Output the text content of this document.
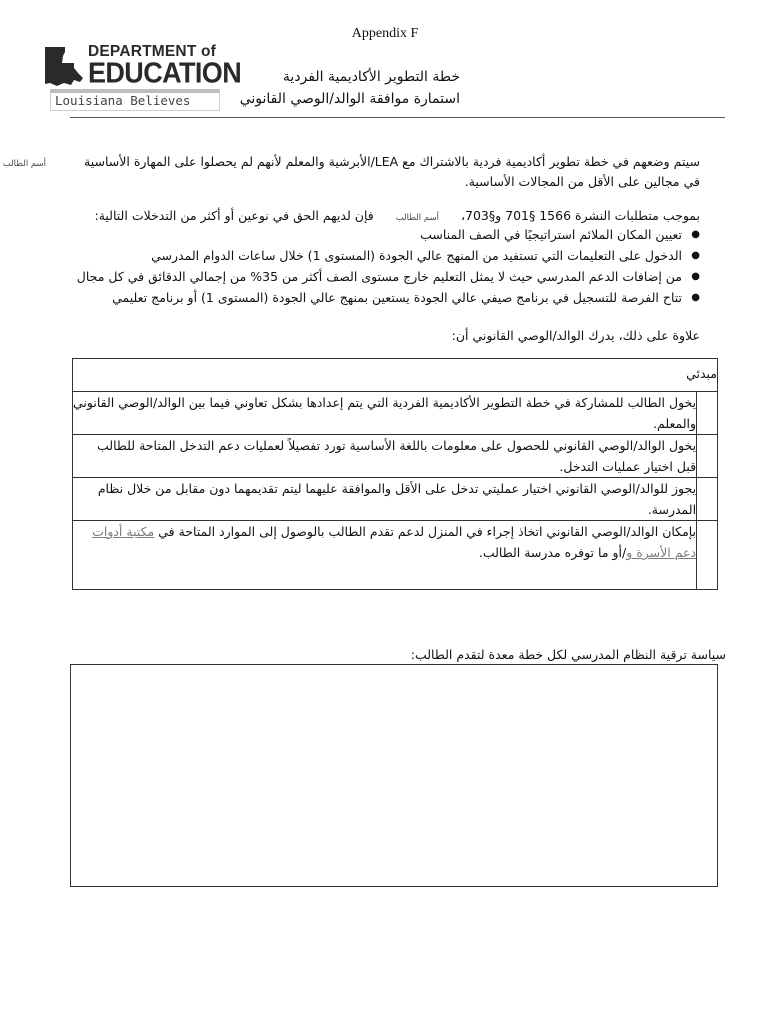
Appendix F
DEPARTMENT of
EDUCATION
Louisiana Believes
خطة التطوير الأكاديمية الفردية
استمارة موافقة الوالد/الوصي القانوني
سيتم وضعهم في خطة تطوير أكاديمية فردية بالاشتراك مع LEA/الأبرشية والمعلم لأنهم لم يحصلوا على المهارة الأساسية  أسم الطالب
في مجالين على الأقل من المجالات الأساسية.
بموجب متطلبات النشرة 1566 §701 و§703،  أسم الطالب  فإن لديهم الحق في نوعين أو أكثر من التدخلات التالية:
● تعيين المكان الملائم استراتيجيًا في الصف المناسب
● الدخول على التعليمات التي تستفيد من المنهج عالي الجودة (المستوى 1) خلال ساعات الدوام المدرسي
● من إضافات الدعم المدرسي حيث لا يمثل التعليم خارج مستوى الصف أكثر من 35% من إجمالي الدقائق في كل مجال
● تتاح الفرصة للتسجيل في برنامج صيفي عالي الجودة يستعين بمنهج عالي الجودة (المستوى 1) أو برنامج تعليمي
علاوة على ذلك، يدرك الوالد/الوصي القانوني أن:
مبدئي	

يخول الطالب للمشاركة في خطة التطوير الأكاديمية الفردية التي يتم إعدادها بشكل تعاوني فيما بين الوالد/الوصي القانوني
والمعلم.	

يخول الوالد/الوصي القانوني للحصول على معلومات باللغة الأساسية تورد تفصيلاً لعمليات دعم التدخل المتاحة للطالب
قبل اختيار عمليات التدخل.	

يجوز للوالد/الوصي القانوني اختيار عمليتي تدخل على الأقل والموافقة عليهما ليتم تقديمهما دون مقابل من خلال نظام
المدرسة.	

بإمكان الوالد/الوصي القانوني اتخاذ إجراء في المنزل لدعم تقدم الطالب بالوصول إلى الموارد المتاحة في مكتبة أدوات
دعم الأسرة و/أو ما توفره مدرسة الطالب.	

سياسة ترقية النظام المدرسي لكل خطة معدة لتقدم الطالب:
